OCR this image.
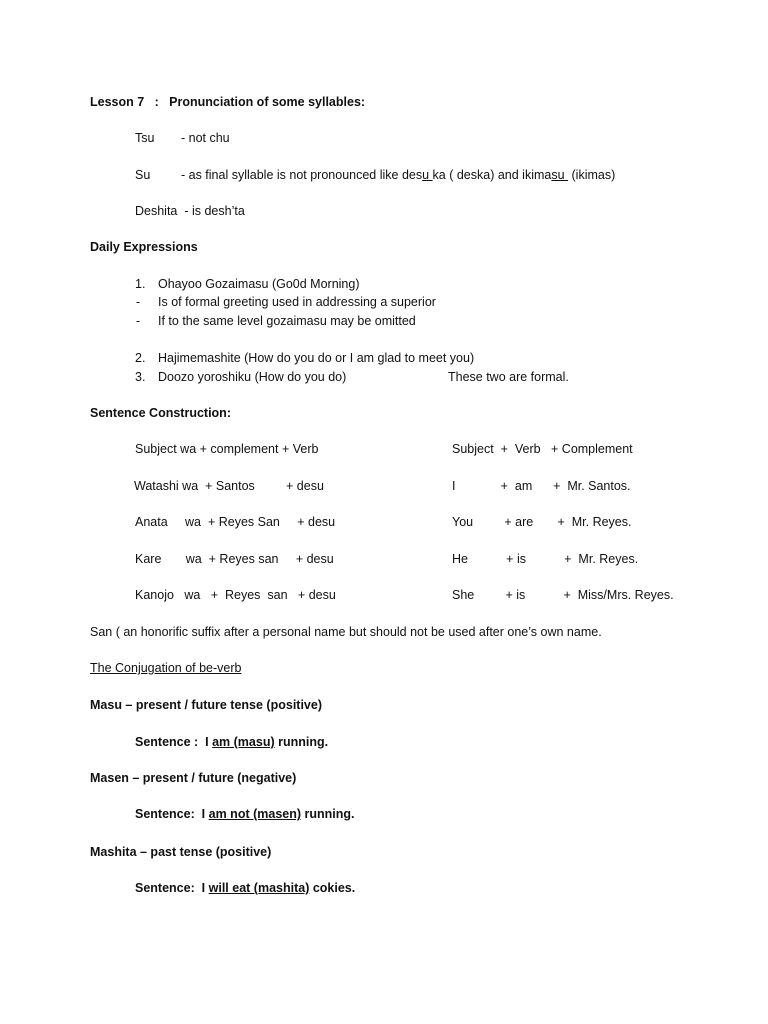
Lesson 7   :   Pronunciation of some syllables:
Tsu - not chu
Su - as final syllable is not pronounced like desu ka ( deska) and ikimasu  (ikimas)
Deshita  - is desh’ta
Daily Expressions
1. Ohayoo Gozaimasu (Go0d Morning)
- Is of formal greeting used in addressing a superior
- If to the same level gozaimasu may be omitted
2. Hajimemashite (How do you do or I am glad to meet you)
3. Doozo yoroshiku (How do you do)	These two are formal.
Sentence Construction:
Subject wa + complement + Verb	Subject  +  Verb   + Complement
Watashi wa  + Santos         + desu	I             +  am      +  Mr. Santos.
Anata     wa  + Reyes San     + desu	You         + are       +  Mr. Reyes.
Kare       wa  + Reyes san     + desu	He           + is           +  Mr. Reyes.
Kanojo   wa   +  Reyes  san   + desu	She         + is           +  Miss/Mrs. Reyes.
San ( an honorific suffix after a personal name but should not be used after one’s own name.
The Conjugation of be-verb
Masu – present / future tense (positive)
Sentence :  I am (masu) running.
Masen – present / future (negative)
Sentence:  I am not (masen) running.
Mashita – past tense (positive)
Sentence:  I will eat (mashita) cokies.
